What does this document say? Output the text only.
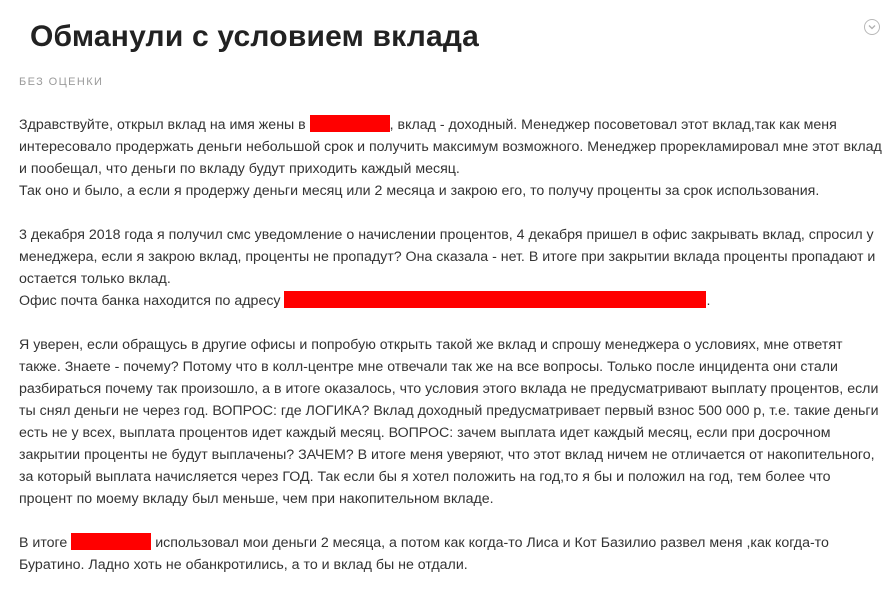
Обманули с условием вклада
БЕЗ ОЦЕНКИ

Здравствуйте, открыл вклад на имя жены в	, вклад - доходный. Менеджер посоветовал этот вклад,так как меня интересовало продержать деньги небольшой срок и получить максимум возможного. Менеджер прорекламировал мне этот вклад и пообещал, что деньги по вкладу будут приходить каждый месяц.
Так оно и было, а если я продержу деньги месяц или 2 месяца и закрою его, то получу проценты за срок использования.

3 декабря 2018 года я получил смс уведомление о начислении процентов, 4 декабря пришел в офис закрывать вклад, спросил у менеджера, если я закрою вклад, проценты не пропадут? Она сказала - нет. В итоге при закрытии вклада проценты пропадают и остается только вклад.
Офис почта банка находится по адресу	.

Я уверен, если обращусь в другие офисы и попробую открыть такой же вклад и спрошу менеджера о условиях, мне ответят также. Знаете - почему? Потому что в колл-центре мне отвечали так же на все вопросы. Только после инцидента они стали разбираться почему так произошло, а в итоге оказалось, что условия этого вклада не предусматривают выплату процентов, если ты снял деньги не через год. ВОПРОС: где ЛОГИКА? Вклад доходный предусматривает первый взнос 500 000 р, т.е. такие деньги есть не у всех, выплата процентов идет каждый месяц. ВОПРОС: зачем выплата идет каждый месяц, если при досрочном закрытии проценты не будут выплачены? ЗАЧЕМ? В итоге меня уверяют, что этот вклад ничем не отличается от накопительного, за который выплата начисляется через ГОД. Так если бы я хотел положить на год,то я бы и положил на год, тем более что процент по моему вкладу был меньше, чем при накопительном вкладе.

В итоге	использовал мои деньги 2 месяца, а потом как когда-то Лиса и Кот Базилио развел меня ,как когда-то Буратино. Ладно хоть не обанкротились, а то и вклад бы не отдали.
